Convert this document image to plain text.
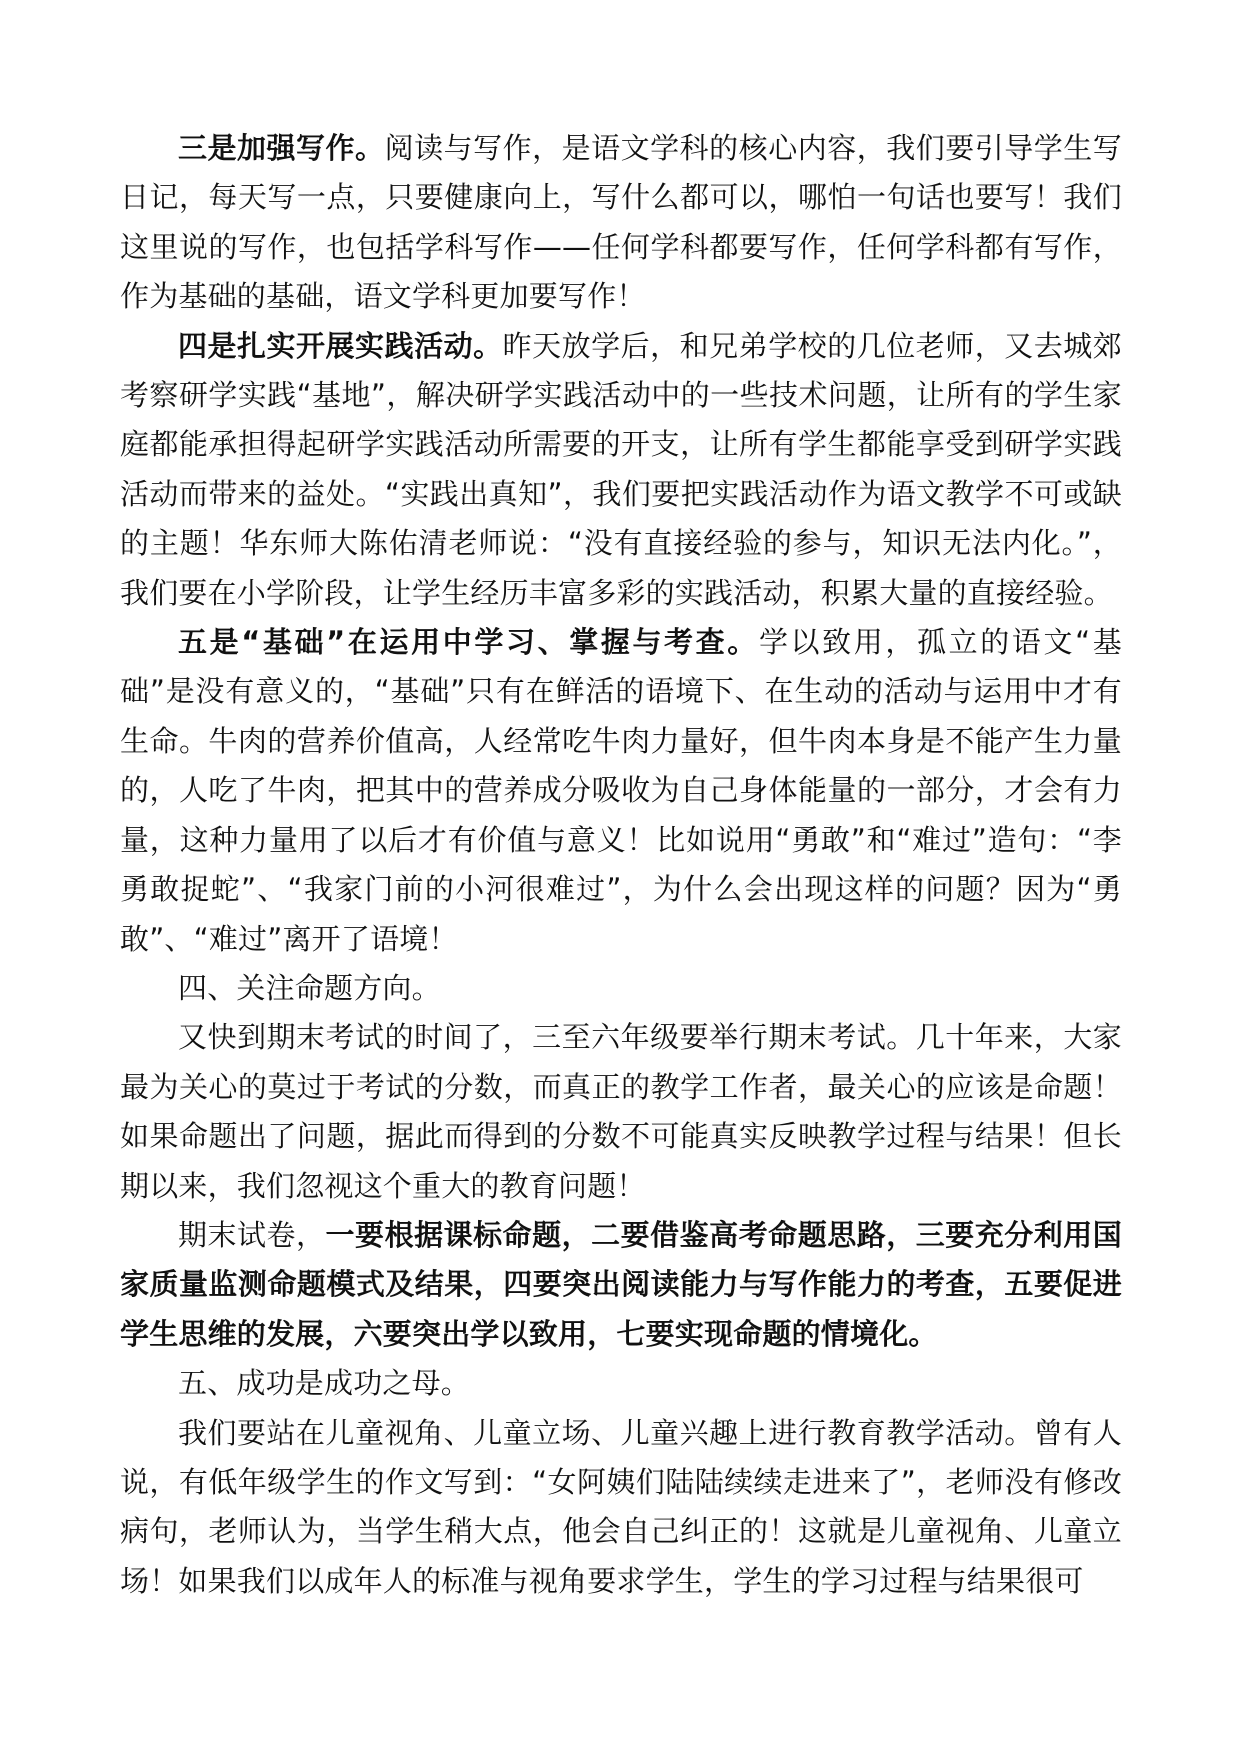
三是加强写作。阅读与写作，是语文学科的核心内容，我们要引导学生写日记，每天写一点，只要健康向上，写什么都可以，哪怕一句话也要写！我们这里说的写作，也包括学科写作——任何学科都要写作，任何学科都有写作，作为基础的基础，语文学科更加要写作！

四是扎实开展实践活动。昨天放学后，和兄弟学校的几位老师，又去城郊考察研学实践“基地”，解决研学实践活动中的一些技术问题，让所有的学生家庭都能承担得起研学实践活动所需要的开支，让所有学生都能享受到研学实践活动而带来的益处。“实践出真知”，我们要把实践活动作为语文教学不可或缺的主题！华东师大陈佑清老师说：“没有直接经验的参与，知识无法内化。”，我们要在小学阶段，让学生经历丰富多彩的实践活动，积累大量的直接经验。

五是“基础”在运用中学习、掌握与考查。学以致用，孤立的语文“基础”是没有意义的，“基础”只有在鲜活的语境下、在生动的活动与运用中才有生命。牛肉的营养价值高，人经常吃牛肉力量好，但牛肉本身是不能产生力量的，人吃了牛肉，把其中的营养成分吸收为自己身体能量的一部分，才会有力量，这种力量用了以后才有价值与意义！比如说用“勇敢”和“难过”造句：“李勇敢捉蛇”、“我家门前的小河很难过”，为什么会出现这样的问题？因为“勇敢”、“难过”离开了语境！

四、关注命题方向。

又快到期末考试的时间了，三至六年级要举行期末考试。几十年来，大家最为关心的莫过于考试的分数，而真正的教学工作者，最关心的应该是命题！如果命题出了问题，据此而得到的分数不可能真实反映教学过程与结果！但长期以来，我们忽视这个重大的教育问题！

期末试卷，一要根据课标命题，二要借鉴高考命题思路，三要充分利用国家质量监测命题模式及结果，四要突出阅读能力与写作能力的考查，五要促进学生思维的发展，六要突出学以致用，七要实现命题的情境化。

五、成功是成功之母。

我们要站在儿童视角、儿童立场、儿童兴趣上进行教育教学活动。曾有人说，有低年级学生的作文写到：“女阿姨们陆陆续续走进来了”，老师没有修改病句，老师认为，当学生稍大点，他会自己纠正的！这就是儿童视角、儿童立场！如果我们以成年人的标准与视角要求学生，学生的学习过程与结果很可
